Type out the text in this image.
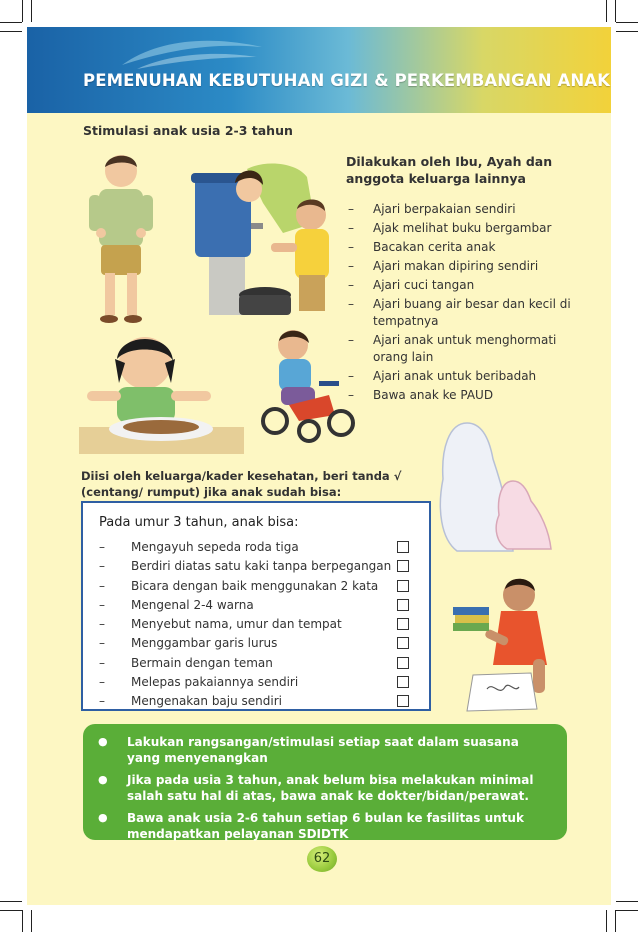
PEMENUHAN KEBUTUHAN GIZI & PERKEMBANGAN ANAK
Stimulasi anak usia 2-3 tahun
Dilakukan oleh Ibu, Ayah dan anggota keluarga lainnya
– Ajari berpakaian sendiri
– Ajak melihat buku bergambar
– Bacakan cerita anak
– Ajari makan dipiring sendiri
– Ajari cuci tangan
– Ajari buang air besar dan kecil di tempatnya
– Ajari anak untuk menghormati orang lain
– Ajari anak untuk beribadah
– Bawa anak ke PAUD
Diisi oleh keluarga/kader kesehatan, beri tanda √ (centang/ rumput) jika anak sudah bisa:
Pada umur 3 tahun, anak bisa:
– Mengayuh sepeda roda tiga
– Berdiri diatas satu kaki tanpa berpegangan
– Bicara dengan baik menggunakan 2 kata
– Mengenal 2-4 warna
– Menyebut nama, umur dan tempat
– Menggambar garis lurus
– Bermain dengan teman
– Melepas pakaiannya sendiri
– Mengenakan baju sendiri
● Lakukan rangsangan/stimulasi setiap saat dalam suasana yang menyenangkan
● Jika pada usia 3 tahun, anak belum bisa melakukan minimal salah satu hal di atas, bawa anak ke dokter/bidan/perawat.
● Bawa anak usia 2-6 tahun setiap 6 bulan ke fasilitas untuk mendapatkan pelayanan SDIDTK
62
